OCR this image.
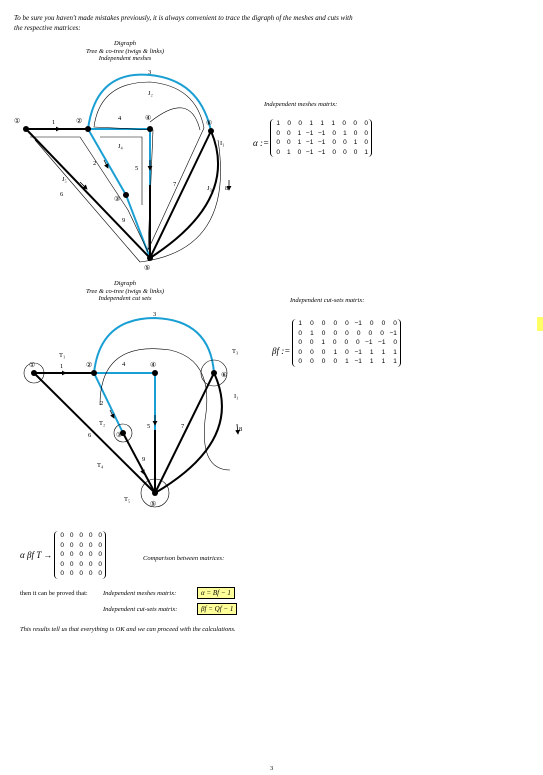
To be sure you haven't made mistakes previously, it is always convenient to trace the digraph of the meshes and cuts with the respective matrices:
Digraph
Tree & co-tree (twigs & links)
Independent meshes
①	②	④
⑥
③
⑤
1
2
3
4
5
6
7
8
9
J₂
J₄
J₅
J₃
I₁
Independent meshes matrix:
α :=
1	0	0	1	1	1	0	0	0
0	0	1 −1 −1	0	1	0	0
0	0	1 −1 −1	0	0	1	0
0	1	0 −1 −1	0	0	0	1
Digraph
Tree & co-tree (twigs & links)
Independent cut sets
①	②	④
⑥
③
⑤
1
2
3
4
5
6
7	8
9
T₁
T₂
T₃
T₄
T₅
I₁
Independent cut-sets matrix:
βf :=
1	0	0	0	0 −1	0	0	0
0	1	0	0	0	0	0	0 −1
0	0	1	0	0	0 −1 −1	0
0	0	0	1	0 −1	1	1	1
0	0	0	0	1 −1	1	1	1
α βf T →
0 0 0 0 0
0 0 0 0 0
0 0 0 0 0
0 0 0 0 0
0 0 0 0 0
Comparison between matrices:
then it can be proved that: Independent meshes matrix:	α = Bf − 1
Independent cut-sets matrix:	βf = Qf − 1
This results tell us that everything is OK and we can proceed with the calculations.
3
